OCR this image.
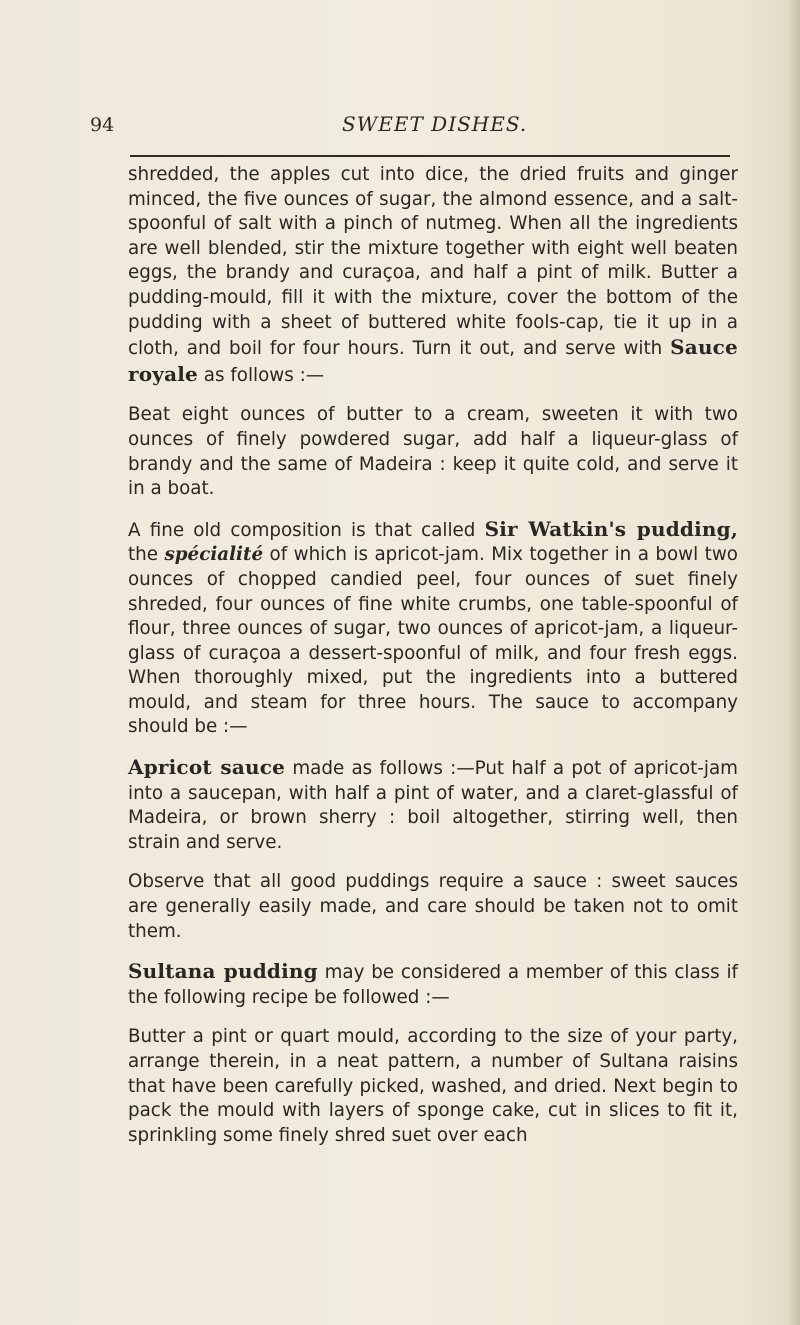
94	SWEET DISHES.

shredded, the apples cut into dice, the dried fruits and ginger minced, the five ounces of sugar, the almond essence, and a salt-spoonful of salt with a pinch of nutmeg. When all the ingredients are well blended, stir the mixture together with eight well beaten eggs, the brandy and curaçoa, and half a pint of milk. Butter a pudding-mould, fill it with the mixture, cover the bottom of the pudding with a sheet of buttered white fools-cap, tie it up in a cloth, and boil for four hours. Turn it out, and serve with Sauce royale as follows :—

Beat eight ounces of butter to a cream, sweeten it with two ounces of finely powdered sugar, add half a liqueur-glass of brandy and the same of Madeira : keep it quite cold, and serve it in a boat.

A fine old composition is that called Sir Watkin's pudding, the spécialité of which is apricot-jam. Mix together in a bowl two ounces of chopped candied peel, four ounces of suet finely shreded, four ounces of fine white crumbs, one table-spoonful of flour, three ounces of sugar, two ounces of apricot-jam, a liqueur-glass of curaçoa a dessert-spoonful of milk, and four fresh eggs. When thoroughly mixed, put the ingredients into a buttered mould, and steam for three hours. The sauce to accompany should be :—

Apricot sauce made as follows :—Put half a pot of apricot-jam into a saucepan, with half a pint of water, and a claret-glassful of Madeira, or brown sherry : boil altogether, stirring well, then strain and serve.

Observe that all good puddings require a sauce : sweet sauces are generally easily made, and care should be taken not to omit them.

Sultana pudding may be considered a member of this class if the following recipe be followed :—

Butter a pint or quart mould, according to the size of your party, arrange therein, in a neat pattern, a number of Sultana raisins that have been carefully picked, washed, and dried. Next begin to pack the mould with layers of sponge cake, cut in slices to fit it, sprinkling some finely shred suet over each
